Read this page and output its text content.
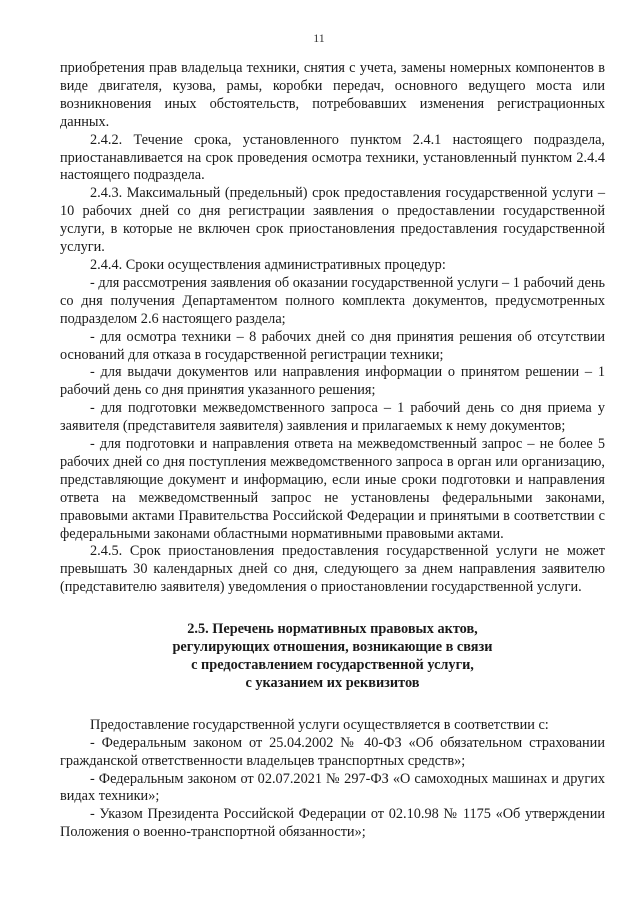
11

приобретения прав владельца техники, снятия с учета, замены номерных компонентов в виде двигателя, кузова, рамы, коробки передач, основного ведущего моста или возникновения иных обстоятельств, потребовавших изменения регистрационных данных.

2.4.2. Течение срока, установленного пунктом 2.4.1 настоящего подраздела, приостанавливается на срок проведения осмотра техники, установленный пунктом 2.4.4 настоящего подраздела.

2.4.3. Максимальный (предельный) срок предоставления государственной услуги – 10 рабочих дней со дня регистрации заявления о предоставлении государственной услуги, в которые не включен срок приостановления предоставления государственной услуги.

2.4.4. Сроки осуществления административных процедур:

- для рассмотрения заявления об оказании государственной услуги – 1 рабочий день со дня получения Департаментом полного комплекта документов, предусмотренных подразделом 2.6 настоящего раздела;

- для осмотра техники – 8 рабочих дней со дня принятия решения об отсутствии оснований для отказа в государственной регистрации техники;

- для выдачи документов или направления информации о принятом решении – 1 рабочий день со дня принятия указанного решения;

- для подготовки межведомственного запроса – 1 рабочий день со дня приема у заявителя (представителя заявителя) заявления и прилагаемых к нему документов;

- для подготовки и направления ответа на межведомственный запрос – не более 5 рабочих дней со дня поступления межведомственного запроса в орган или организацию, представляющие документ и информацию, если иные сроки подготовки и направления ответа на межведомственный запрос не установлены федеральными законами, правовыми актами Правительства Российской Федерации и принятыми в соответствии с федеральными законами областными нормативными правовыми актами.

2.4.5. Срок приостановления предоставления государственной услуги не может превышать 30 календарных дней со дня, следующего за днем направления заявителю (представителю заявителя) уведомления о приостановлении государственной услуги.

2.5. Перечень нормативных правовых актов,
регулирующих отношения, возникающие в связи
с предоставлением государственной услуги,
с указанием их реквизитов

Предоставление государственной услуги осуществляется в соответствии с:

- Федеральным законом от 25.04.2002 № 40-ФЗ «Об обязательном страховании гражданской ответственности владельцев транспортных средств»;

- Федеральным законом от 02.07.2021 № 297-ФЗ «О самоходных машинах и других видах техники»;

- Указом Президента Российской Федерации от 02.10.98 № 1175 «Об утверждении Положения о военно-транспортной обязанности»;
